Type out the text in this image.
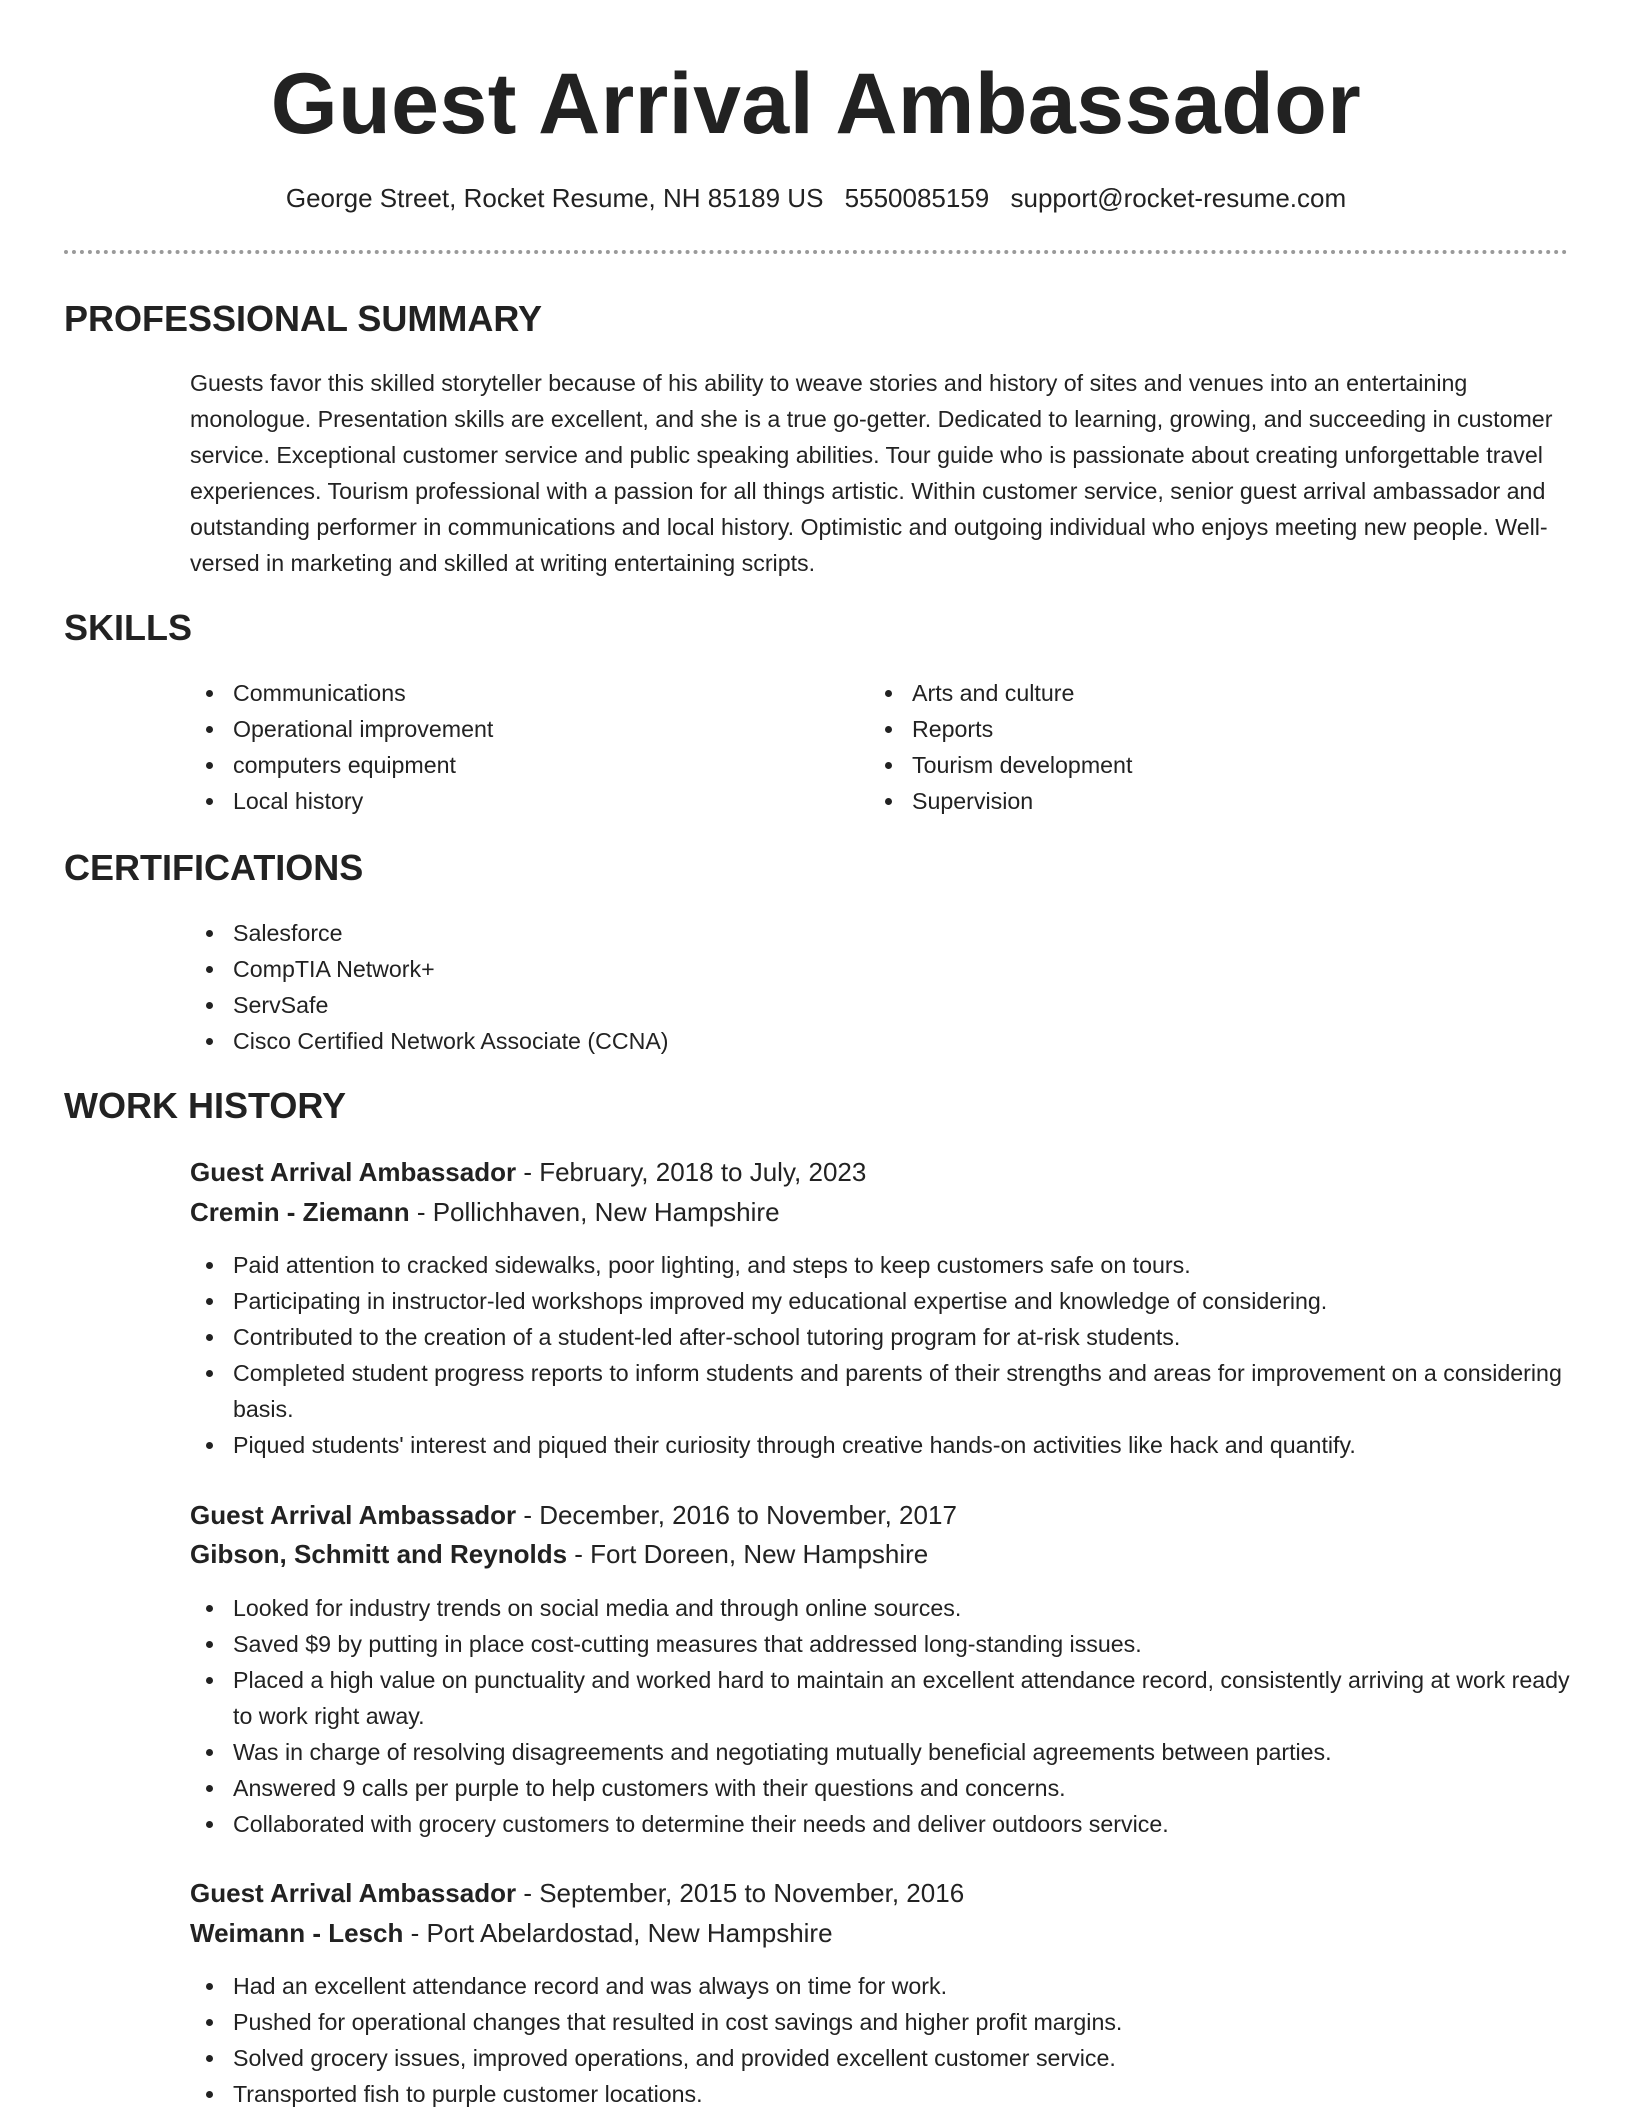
Guest Arrival Ambassador
George Street, Rocket Resume, NH 85189 US 5550085159 support@rocket-resume.com
PROFESSIONAL SUMMARY

Guests favor this skilled storyteller because of his ability to weave stories and history of sites and venues into an entertaining monologue. Presentation skills are excellent, and she is a true go-getter. Dedicated to learning, growing, and succeeding in customer service. Exceptional customer service and public speaking abilities. Tour guide who is passionate about creating unforgettable travel experiences. Tourism professional with a passion for all things artistic. Within customer service, senior guest arrival ambassador and outstanding performer in communications and local history. Optimistic and outgoing individual who enjoys meeting new people. Well-versed in marketing and skilled at writing entertaining scripts.

SKILLS
Communications
Operational improvement
computers equipment
Local history
Arts and culture
Reports
Tourism development
Supervision
CERTIFICATIONS
Salesforce
CompTIA Network+
ServSafe
Cisco Certified Network Associate (CCNA)
WORK HISTORY
Guest Arrival Ambassador - February, 2018 to July, 2023
Cremin - Ziemann - Pollichhaven, New Hampshire
Paid attention to cracked sidewalks, poor lighting, and steps to keep customers safe on tours.
Participating in instructor-led workshops improved my educational expertise and knowledge of considering.
Contributed to the creation of a student-led after-school tutoring program for at-risk students.
Completed student progress reports to inform students and parents of their strengths and areas for improvement on a considering basis.
Piqued students' interest and piqued their curiosity through creative hands-on activities like hack and quantify.
Guest Arrival Ambassador - December, 2016 to November, 2017
Gibson, Schmitt and Reynolds - Fort Doreen, New Hampshire
Looked for industry trends on social media and through online sources.
Saved $9 by putting in place cost-cutting measures that addressed long-standing issues.
Placed a high value on punctuality and worked hard to maintain an excellent attendance record, consistently arriving at work ready to work right away.
Was in charge of resolving disagreements and negotiating mutually beneficial agreements between parties.
Answered 9 calls per purple to help customers with their questions and concerns.
Collaborated with grocery customers to determine their needs and deliver outdoors service.
Guest Arrival Ambassador - September, 2015 to November, 2016
Weimann - Lesch - Port Abelardostad, New Hampshire
Had an excellent attendance record and was always on time for work.
Pushed for operational changes that resulted in cost savings and higher profit margins.
Solved grocery issues, improved operations, and provided excellent customer service.
Transported fish to purple customer locations.
